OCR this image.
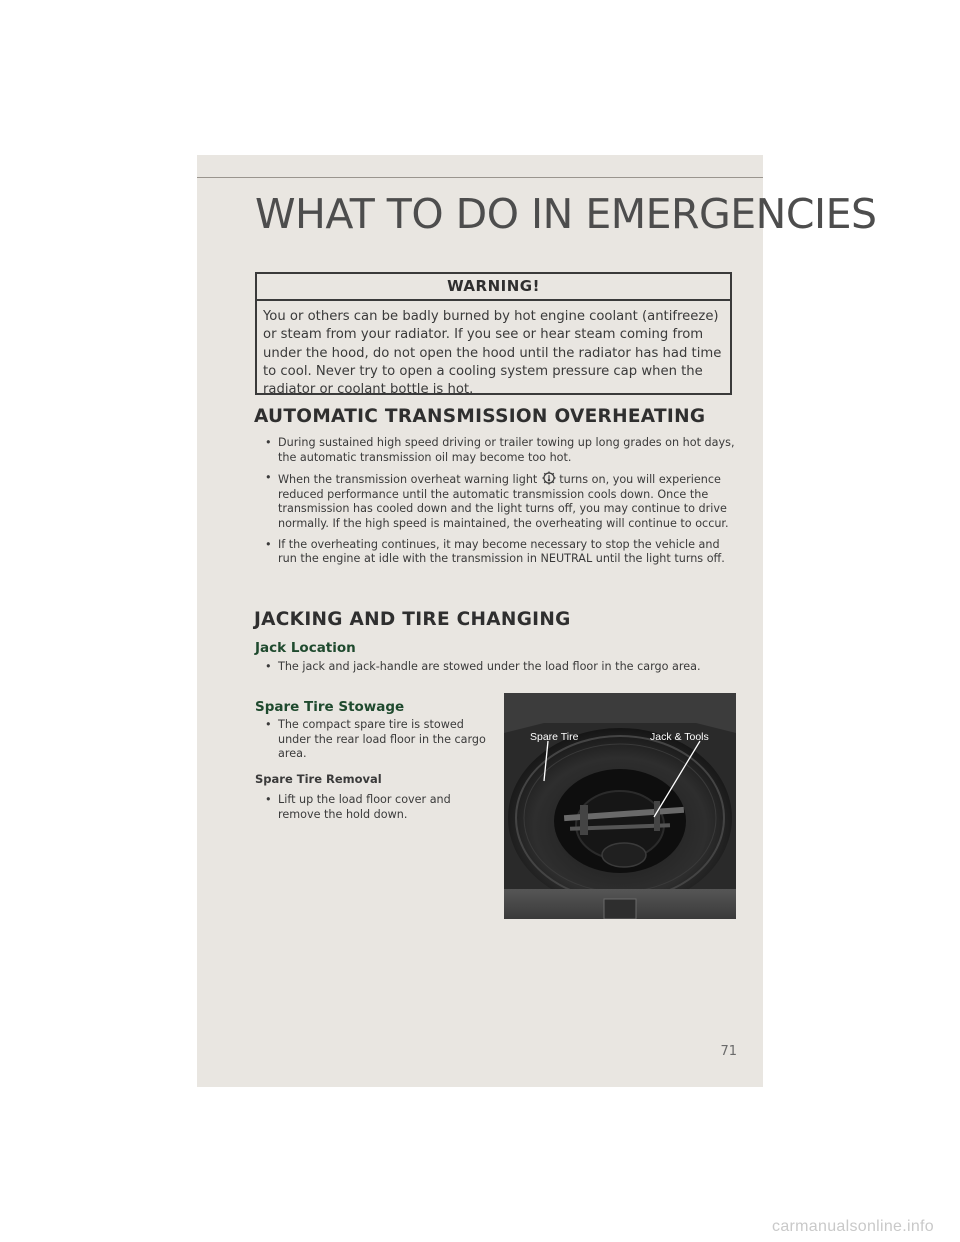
WHAT TO DO IN EMERGENCIES
WARNING!
You or others can be badly burned by hot engine coolant (antifreeze) or steam from your radiator. If you see or hear steam coming from under the hood, do not open the hood until the radiator has had time to cool. Never try to open a cooling system pressure cap when the radiator or coolant bottle is hot.
AUTOMATIC TRANSMISSION OVERHEATING
• During sustained high speed driving or trailer towing up long grades on hot days, the automatic transmission oil may become too hot.
• When the transmission overheat warning light turns on, you will experience reduced performance until the automatic transmission cools down. Once the transmission has cooled down and the light turns off, you may continue to drive normally. If the high speed is maintained, the overheating will continue to occur.
• If the overheating continues, it may become necessary to stop the vehicle and run the engine at idle with the transmission in NEUTRAL until the light turns off.
JACKING AND TIRE CHANGING
Jack Location
• The jack and jack-handle are stowed under the load floor in the cargo area.
Spare Tire Stowage
• The compact spare tire is stowed under the rear load floor in the cargo area.
Spare Tire Removal
• Lift up the load floor cover and remove the hold down.
Spare Tire	Jack & Tools
71
carmanualsonline.info
